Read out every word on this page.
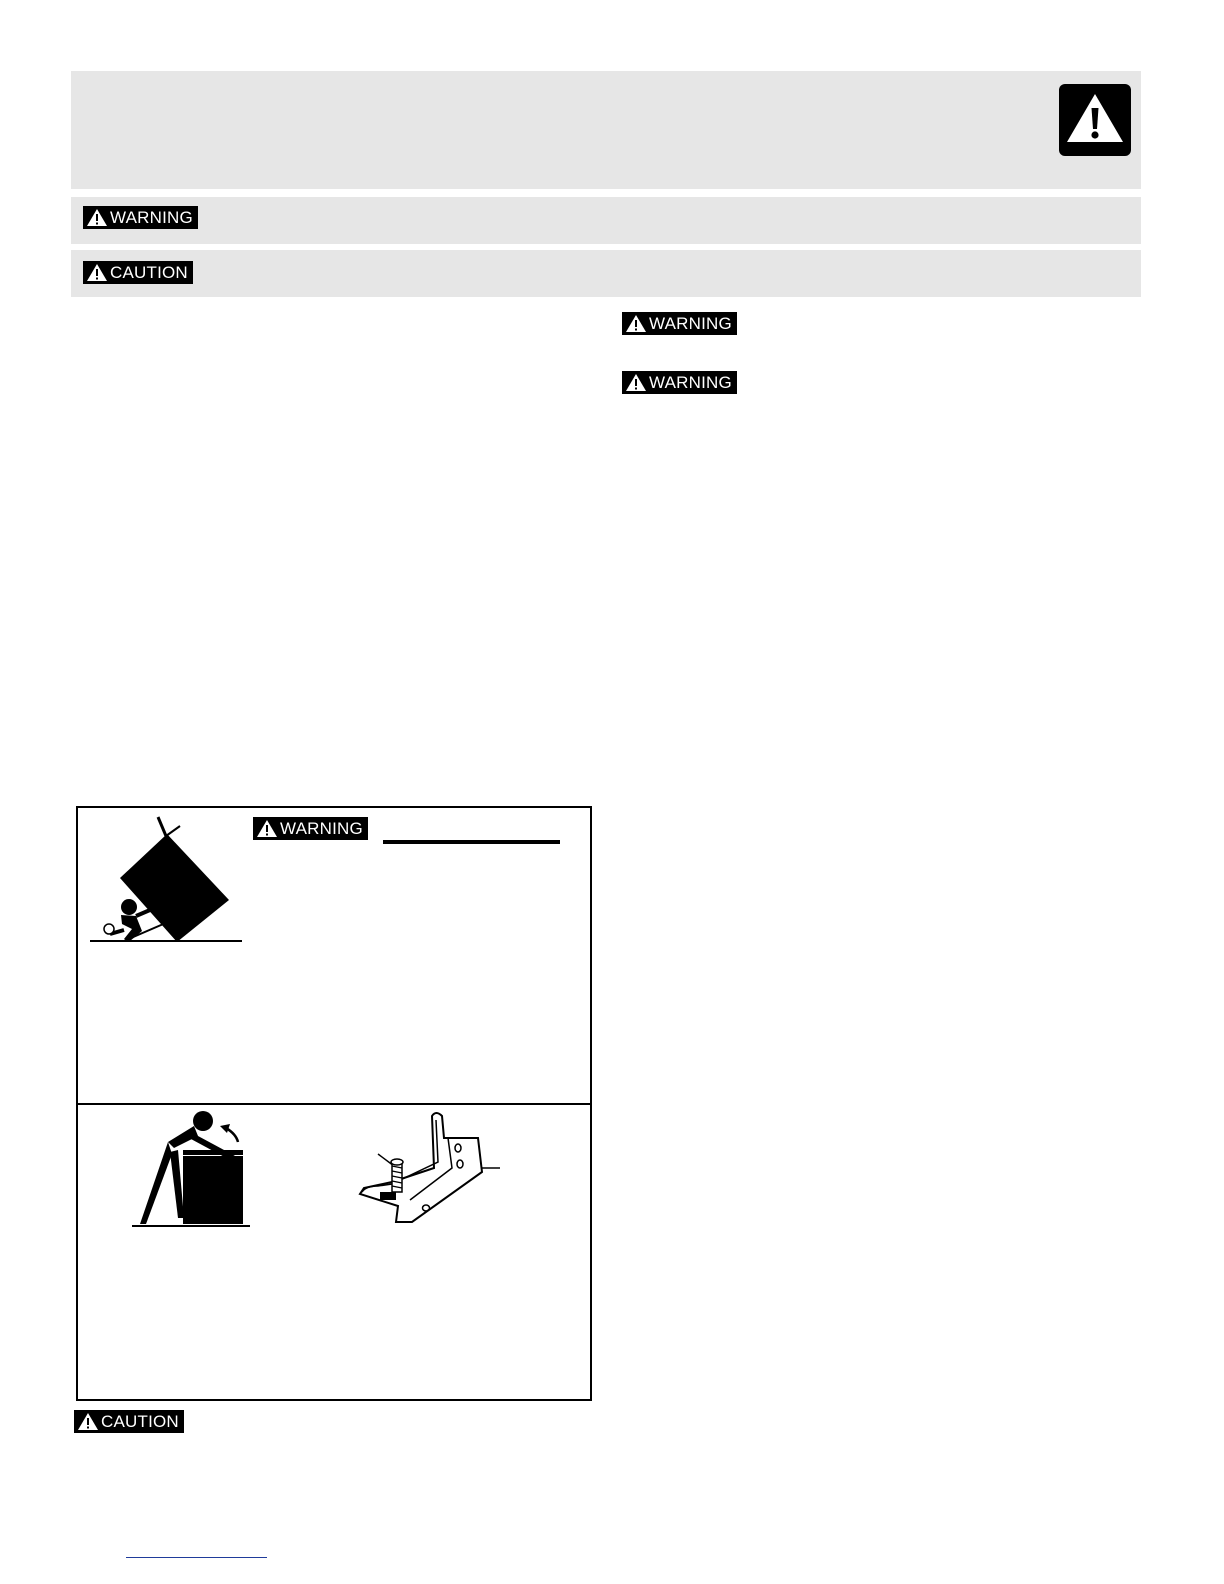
WARNING
CAUTION
WARNING
WARNING
WARNING
CAUTION
